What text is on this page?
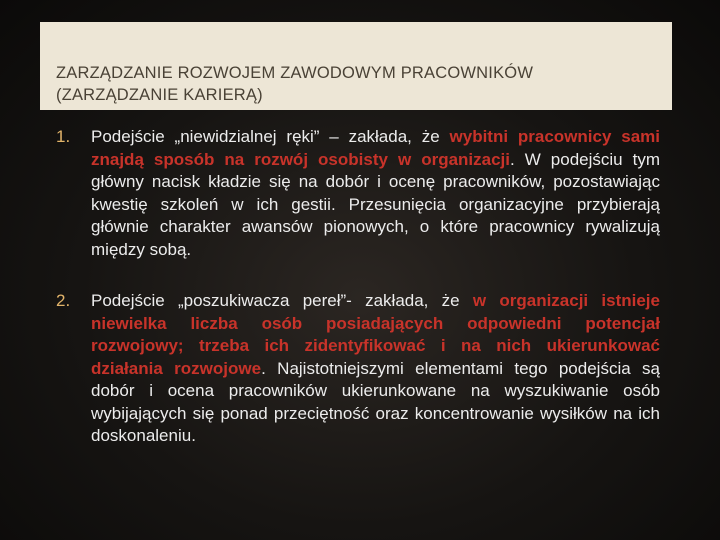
ZARZĄDZANIE ROZWOJEM ZAWODOWYM PRACOWNIKÓW
(ZARZĄDZANIE KARIERĄ)
1. Podejście „niewidzialnej ręki” – zakłada, że wybitni pracownicy sami znajdą sposób na rozwój osobisty w organizacji. W podejściu tym główny nacisk kładzie się na dobór i ocenę pracowników, pozostawiając kwestię szkoleń w ich gestii. Przesunięcia organizacyjne przybierają głównie charakter awansów pionowych, o które pracownicy rywalizują między sobą.
2. Podejście „poszukiwacza pereł”- zakłada, że w organizacji istnieje niewielka liczba osób posiadających odpowiedni potencjał rozwojowy; trzeba ich zidentyfikować i na nich ukierunkować działania rozwojowe. Najistotniejszymi elementami tego podejścia są dobór i ocena pracowników ukierunkowane na wyszukiwanie osób wybijających się ponad przeciętność oraz koncentrowanie wysiłków na ich doskonaleniu.
